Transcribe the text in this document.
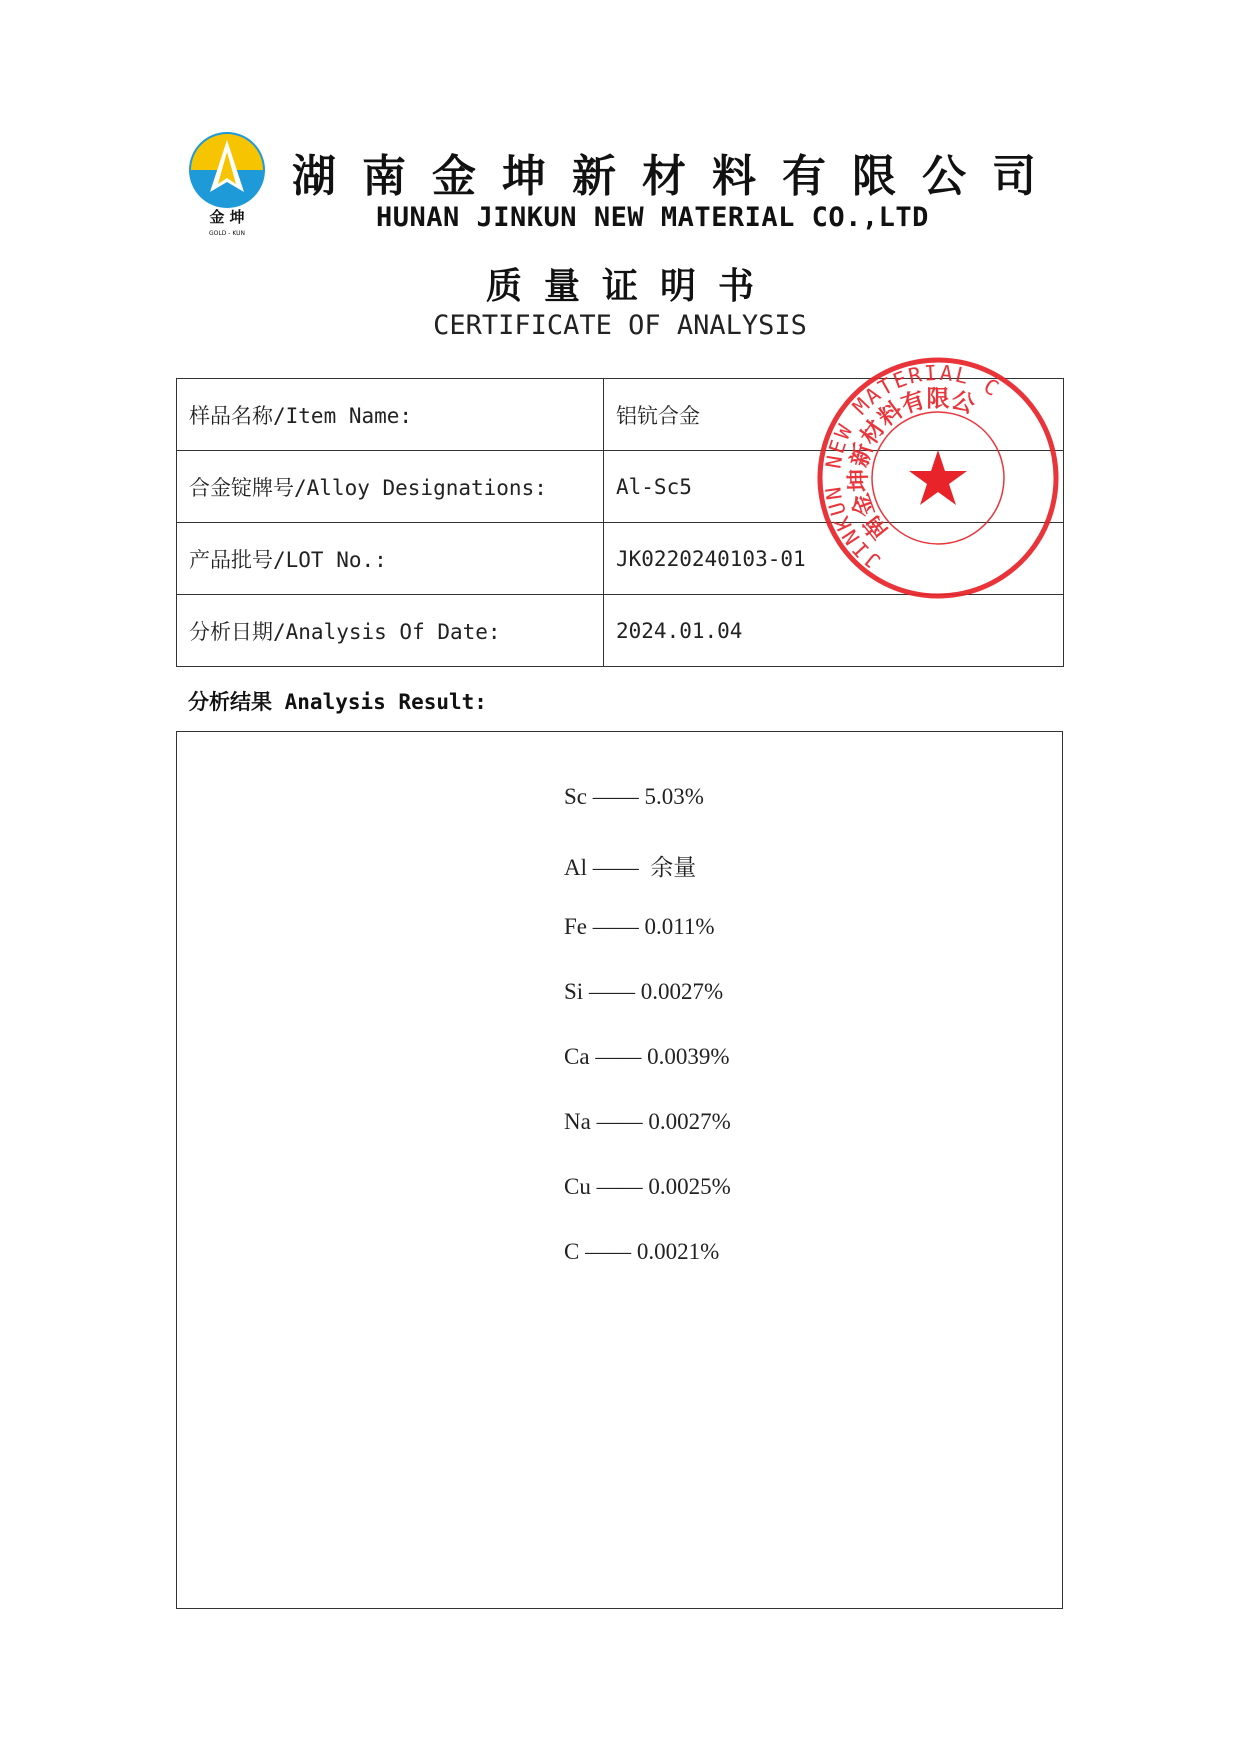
金 坤
GOLD - KUN
湖南金坤新材料有限公司
HUNAN JINKUN NEW MATERIAL CO.,LTD
质量证明书
CERTIFICATE OF ANALYSIS
样品名称/Item Name:	铝钪合金
合金锭牌号/Alloy Designations:	Al-Sc5
产品批号/LOT No.:	JK0220240103-01
分析日期/Analysis Of Date:	2024.01.04
分析结果 Analysis Result:
Sc —— 5.03%
Al ——  余量
Fe —— 0.011%
Si —— 0.0027%
Ca —— 0.0039%
Na —— 0.0027%
Cu —— 0.0025%
C —— 0.0021%
JINKUN NEW MATERIAL CO.,LTD
湖南金坤新材料有限公司
